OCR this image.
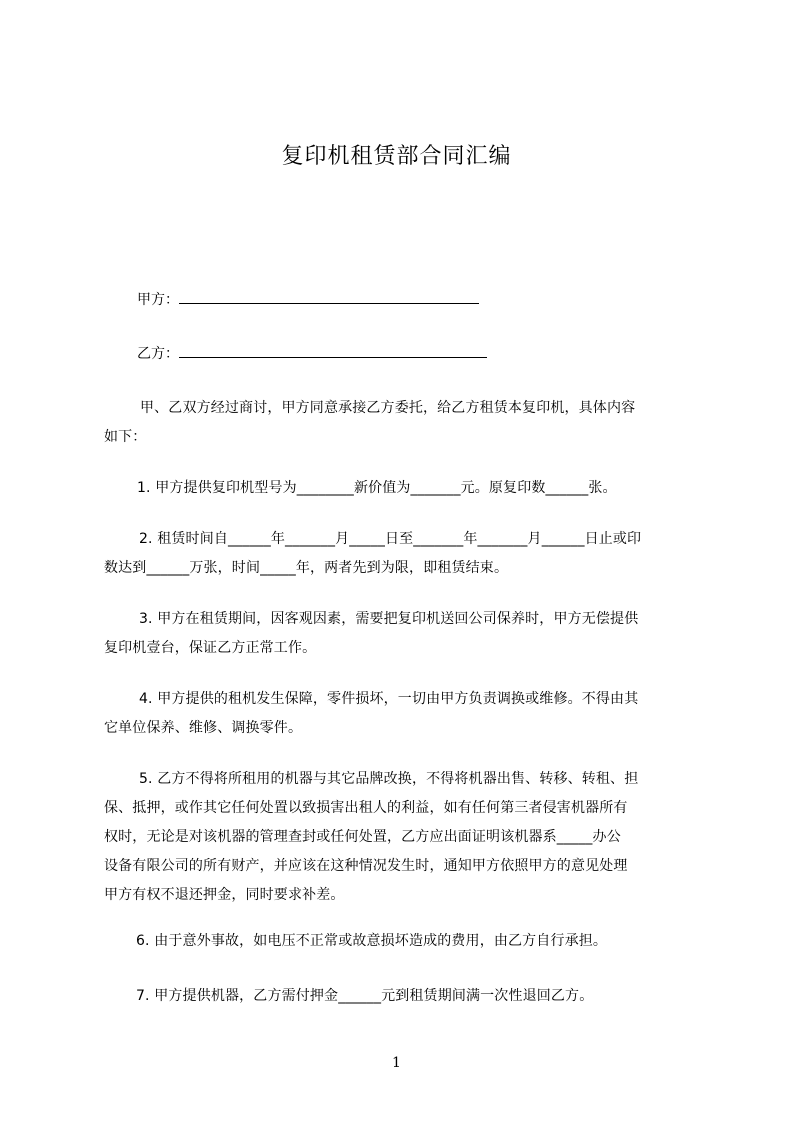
复印机租赁部合同汇编
甲方：
乙方：
甲、乙双方经过商讨，甲方同意承接乙方委托，给乙方租赁本复印机，具体内容
如下：
1. 甲方提供复印机型号为________新价值为_______元。原复印数______张。
2. 租赁时间自______年_______月_____日至_______年_______月______日止或印
数达到______万张，时间_____年，两者先到为限，即租赁结束。
3. 甲方在租赁期间，因客观因素，需要把复印机送回公司保养时，甲方无偿提供
复印机壹台，保证乙方正常工作。
4. 甲方提供的租机发生保障，零件损坏，一切由甲方负责调换或维修。不得由其
它单位保养、维修、调换零件。
5. 乙方不得将所租用的机器与其它品牌改换，不得将机器出售、转移、转租、担
保、抵押，或作其它任何处置以致损害出租人的利益，如有任何第三者侵害机器所有
权时，无论是对该机器的管理查封或任何处置，乙方应出面证明该机器系_____办公
设备有限公司的所有财产，并应该在这种情况发生时，通知甲方依照甲方的意见处理
甲方有权不退还押金，同时要求补差。
6. 由于意外事故，如电压不正常或故意损坏造成的费用，由乙方自行承担。
7. 甲方提供机器，乙方需付押金______元到租赁期间满一次性退回乙方。
1
